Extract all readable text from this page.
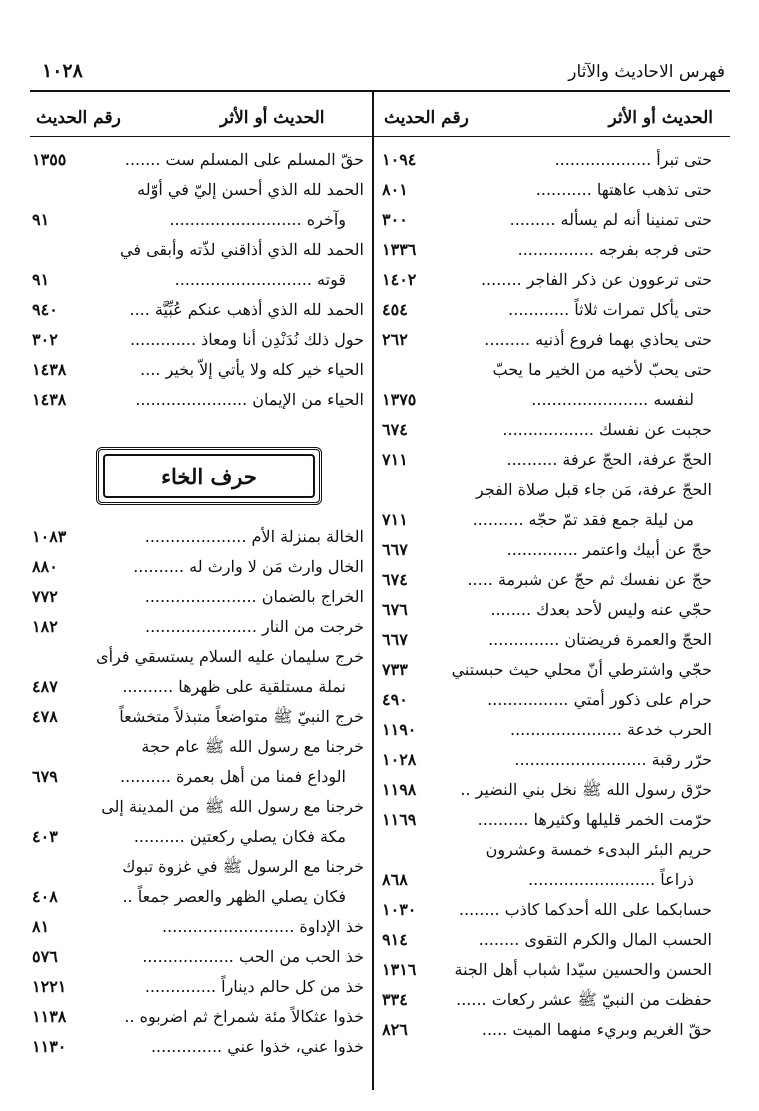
١٠٢٨	فهرس الاحاديث والآثار
الحديث أو الأثر
رقم الحديث
الحديث أو الأثر
رقم الحديث
حتى تبرأ ...................
١٠٩٤
حتى تذهب عاهتها ...........
٨٠١
حتى تمنينا أنه لم يسأله .........
٣٠٠
حتى فرجه بفرجه ...............
١٣٣٦
حتى ترعوون عن ذكر الفاجر ........
١٤٠٢
حتى يأكل تمرات ثلاثاً ............
٤٥٤
حتى يحاذي بهما فروع أذنيه .........
٢٦٢
حتى يحبّ لأخيه من الخير ما يحبّ
لنفسه .......................
١٣٧٥
حجبت عن نفسك ..................
٦٧٤
الحجّ عرفة، الحجّ عرفة ..........
٧١١
الحجّ عرفة، مَن جاء قبل صلاة الفجر
من ليلة جمع فقد تمّ حجّه ..........
٧١١
حجّ عن أبيك واعتمر ..............
٦٦٧
حجّ عن نفسك ثم حجّ عن شبرمة .....
٦٧٤
حجّي عنه وليس لأحد بعدك ........
٦٧٦
الحجّ والعمرة فريضتان ..............
٦٦٧
حجّي واشترطي أنّ محلي حيث حبستني
٧٣٣
حرام على ذكور أمتي ................
٤٩٠
الحرب خدعة ......................
١١٩٠
حرّر رقبة ..........................
١٠٢٨
حرّق رسول الله ﷺ نخل بني النضير ..
١١٩٨
حرّمت الخمر قليلها وكثيرها ..........
١١٦٩
حريم البئر البدىء خمسة وعشرون
ذراعاً .........................
٨٦٨
حسابكما على الله أحدكما كاذب ........
١٠٣٠
الحسب المال والكرم التقوى ........
٩١٤
الحسن والحسين سيّدا شباب أهل الجنة
١٣١٦
حفظت من النبيّ ﷺ عشر ركعات ......
٣٣٤
حقّ الغريم وبريء منهما الميت .....
٨٢٦
حقّ المسلم على المسلم ست .......
١٣٥٥
الحمد لله الذي أحسن إليّ في أوّله
وآخره ..........................
٩١
الحمد لله الذي أذاقني لذّته وأبقى في
قوته ...........................
٩١
الحمد لله الذي أذهب عنكم عُبِّيَّة ....
٩٤٠
حول ذلك نُدَنْدِن أنا ومعاذ .............
٣٠٢
الحياء خير كله ولا يأتي إلاّ بخير ....
١٤٣٨
الحياء من الإيمان ......................
١٤٣٨
حرف الخاء
الخالة بمنزلة الأم ....................
١٠٨٣
الخال وارث مَن لا وارث له ..........
٨٨٠
الخراج بالضمان ......................
٧٧٢
خرجت من النار ......................
١٨٢
خرج سليمان عليه السلام يستسقي فرأى
نملة مستلقية على ظهرها ..........
٤٨٧
خرج النبيّ ﷺ متواضعاً متبذلاً متخشعاً
٤٧٨
خرجنا مع رسول الله ﷺ عام حجة
الوداع فمنا من أهل بعمرة ..........
٦٧٩
خرجنا مع رسول الله ﷺ من المدينة إلى
مكة فكان يصلي ركعتين ..........
٤٠٣
خرجنا مع الرسول ﷺ في غزوة تبوك
فكان يصلي الظهر والعصر جمعاً ..
٤٠٨
خذ الإداوة ..........................
٨١
خذ الحب من الحب ..................
٥٧٦
خذ من كل حالم ديناراً ..............
١٢٢١
خذوا عثكالاً مئة شمراخ ثم اضربوه ..
١١٣٨
خذوا عني، خذوا عني ..............
١١٣٠
